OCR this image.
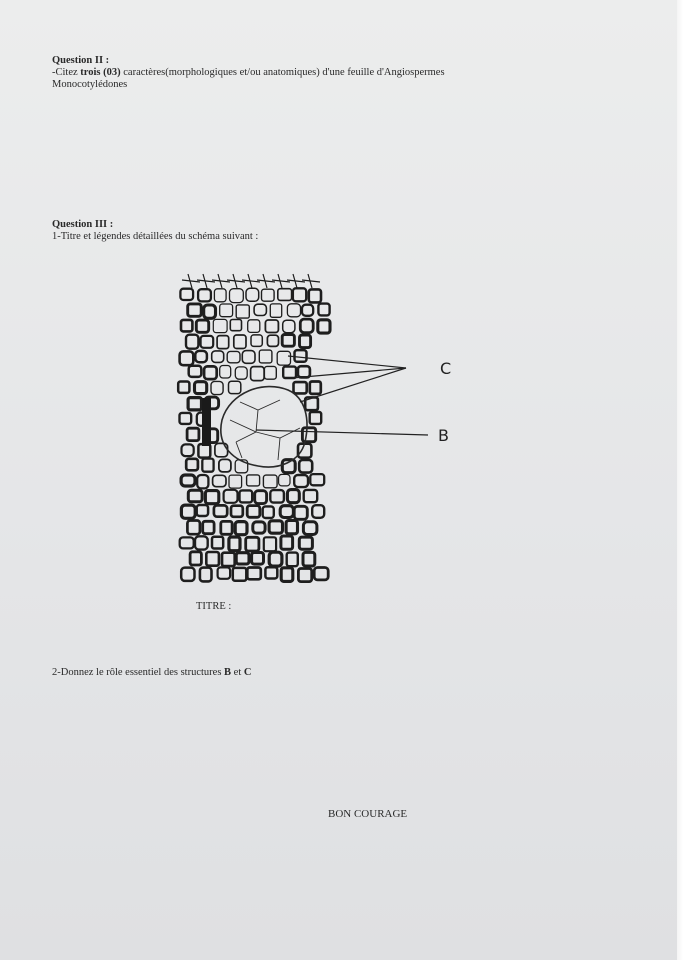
Question II :
-Citez trois (03) caractères(morphologiques et/ou anatomiques) d'une feuille d'Angiospermes
Monocotylédones
Question III :
1-Titre et légendes détaillées du schéma suivant :
C
B
TITRE :
2-Donnez le rôle essentiel des structures B et C
BON COURAGE
